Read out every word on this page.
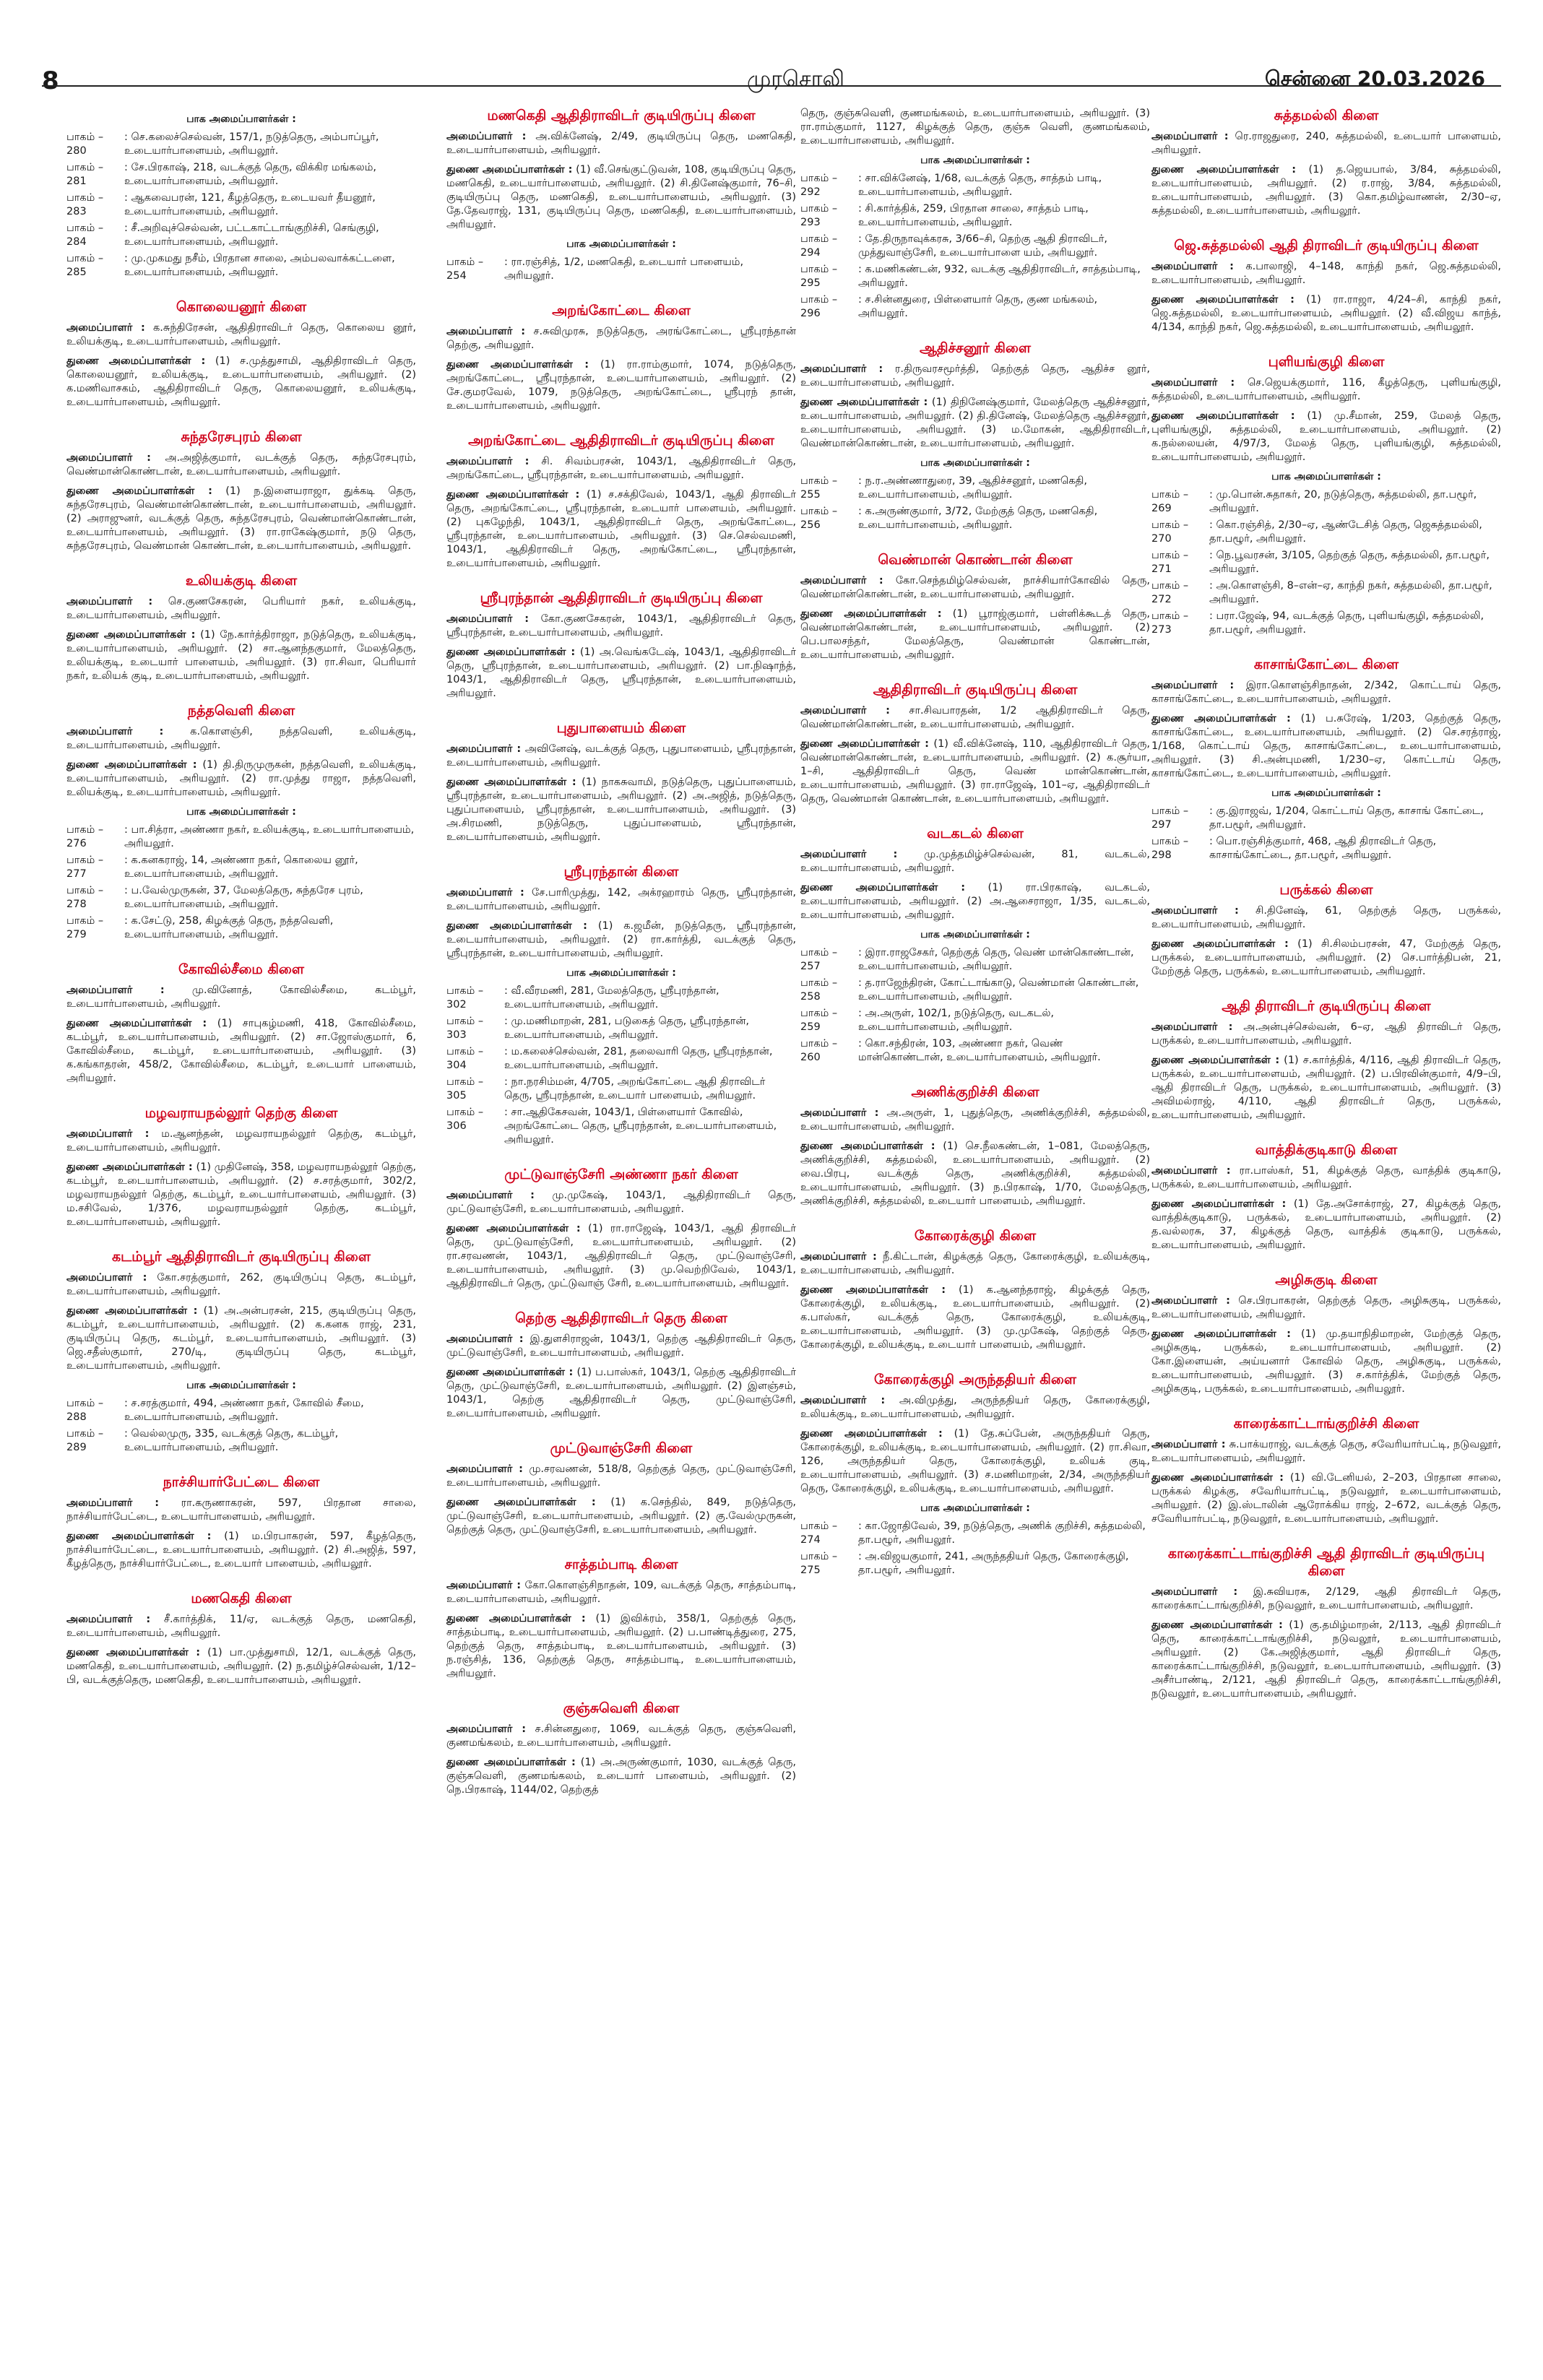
8	முரசொலி	சென்னை 20.03.2026
பாக அமைப்பாளர்கள் :
பாகம் – 280
: செ.கலைச்செல்வன், 157/1, நடுத்தெரு, அம்பாப்பூர், உடையார்பாளையம், அரியலூர்.
பாகம் – 281
: சே.பிரகாஷ், 218, வடக்குத் தெரு, விக்கிர மங்கலம், உடையார்பாளையம், அரியலூர்.
பாகம் – 283
: ஆகவைபரன், 121, கீழத்தெரு, உடையவர் தீயனூர், உடையார்பாளையம், அரியலூர்.
பாகம் – 284
: சீ.அறிவுச்செல்வன், பட்டகாட்டாங்குறிச்சி, செங்குழி, உடையார்பாளையம், அரியலூர்.
பாகம் – 285
: மு.முகமது நசீம், பிரதான சாலை, அம்பலவாக்கட்டளை, உடையார்பாளையம், அரியலூர்.
கொலையனூர் கிளை
அமைப்பாளர் : க.சுந்திரேசன், ஆதிதிராவிடர் தெரு, கொலைய னூர், உலியக்குடி, உடையார்பாளையம், அரியலூர்.
துணை அமைப்பாளர்கள் : (1) ச.முத்துசாமி, ஆதிதிராவிடர் தெரு, கொலையனூர், உலியக்குடி, உடையார்பாளையம், அரியலூர். (2) க.மணிவாசகம், ஆதிதிராவிடர் தெரு, கொலையனூர், உலியக்குடி, உடையார்பாளையம், அரியலூர்.
சுந்தரேசபுரம் கிளை
அமைப்பாளர் : அ.அஜித்குமார், வடக்குத் தெரு, சுந்தரேசபுரம், வெண்மான்கொண்டான், உடையார்பாளையம், அரியலூர்.
துணை அமைப்பாளர்கள் : (1) ந.இளையராஜா, துக்கடி தெரு, சுந்தரேசபுரம், வெண்மான்கொண்டான், உடையார்பாளையம், அரியலூர். (2) அராஜுனர், வடக்குத் தெரு, சுந்தரேசபுரம், வெண்மான்கொண்டான், உடையார்பாளையம், அரியலூர். (3) ரா.ராகேஷ்குமார், நடு தெரு, சுந்தரேசபுரம், வெண்மான் கொண்டான், உடையார்பாளையம், அரியலூர்.
உலியக்குடி கிளை
அமைப்பாளர் : செ.குணசேகரன், பெரியார் நகர், உலியக்குடி, உடையார்பாளையம், அரியலூர்.
துணை அமைப்பாளர்கள் : (1) நே.கார்த்திராஜா, நடுத்தெரு, உலியக்குடி, உடையார்பாளையம், அரியலூர். (2) சா.ஆனந்தகுமார், மேலத்தெரு, உலியக்குடி, உடையார் பாளையம், அரியலூர். (3) ரா.சிவா, பெரியார் நகர், உலியக் குடி, உடையார்பாளையம், அரியலூர்.
நத்தவெளி கிளை
அமைப்பாளர் :	க.கொளஞ்சி, நத்தவெளி, உலியக்குடி, உடையார்பாளையம், அரியலூர்.
துணை அமைப்பாளர்கள் : (1) தி.திருமுருகன், நத்தவெளி, உலியக்குடி, உடையார்பாளையம், அரியலூர். (2) ரா.முத்து ராஜா, நத்தவெளி, உலியக்குடி, உடையார்பாளையம், அரியலூர்.
பாக அமைப்பாளர்கள் :
பாகம் – 276
: பா.சித்ரா, அண்ணா நகர், உலியக்குடி, உடையார்பாளையம், அரியலூர்.
பாகம் – 277
: க.கனகராஜ், 14, அண்ணா நகர், கொலைய னூர், உடையார்பாளையம், அரியலூர்.
பாகம் – 278
: ப.வேல்முருகன், 37, மேலத்தெரு, சுந்தரேச புரம், உடையார்பாளையம், அரியலூர்.
பாகம் – 279
: க.சேட்டு, 258, கிழக்குத் தெரு, நத்தவெளி, உடையார்பாளையம், அரியலூர்.
கோவில்சீமை கிளை
அமைப்பாளர் :	மு.வினோத், கோவில்சீமை, கடம்பூர், உடையார்பாளையம், அரியலூர்.
துணை அமைப்பாளர்கள் : (1) சாபுகழ்மணி, 418, கோவில்சீமை, கடம்பூர், உடையார்பாளையம், அரியலூர். (2) சா.ஜோஸ்குமார், 6, கோவில்சீமை, கடம்பூர், உடையார்பாளையம், அரியலூர். (3) க.கங்காதரன், 458/2, கோவில்சீமை, கடம்பூர், உடையார் பாளையம், அரியலூர்.
மழவராயநல்லூர் தெற்கு கிளை
அமைப்பாளர் : ம.ஆனந்தன், மழவராயநல்லூர் தெற்கு, கடம்பூர், உடையார்பாளையம், அரியலூர்.
துணை அமைப்பாளர்கள் : (1) முதினேஷ், 358, மழவராயநல்லூர் தெற்கு, கடம்பூர், உடையார்பாளையம், அரியலூர். (2) ச.சரத்குமார், 302/2, மழவராயநல்லூர் தெற்கு, கடம்பூர், உடையார்பாளையம், அரியலூர். (3) ம.சசிவேல், 1/376, மழவராயநல்லூர் தெற்கு, கடம்பூர், உடையார்பாளையம், அரியலூர்.
கடம்பூர் ஆதிதிராவிடர் குடியிருப்பு கிளை
அமைப்பாளர் : கோ.சரத்குமார், 262, குடியிருப்பு தெரு, கடம்பூர், உடையார்பாளையம், அரியலூர்.
துணை அமைப்பாளர்கள் : (1) அ.அன்பரசன், 215, குடியிருப்பு தெரு, கடம்பூர், உடையார்பாளையம், அரியலூர். (2) க.கனக ராஜ், 231, குடியிருப்பு தெரு, கடம்பூர், உடையார்பாளையம், அரியலூர். (3) ஜெ.சதீஸ்குமார், 270/டி, குடியிருப்பு தெரு, கடம்பூர், உடையார்பாளையம், அரியலூர்.
பாக அமைப்பாளர்கள் :
பாகம் – 288
: ச.சரத்குமார், 494, அண்ணா நகர், கோவில் சீமை, உடையார்பாளையம், அரியலூர்.
பாகம் – 289
: வெல்லமுரு, 335, வடக்குத் தெரு, கடம்பூர், உடையார்பாளையம், அரியலூர்.
நாச்சியார்பேட்டை கிளை
அமைப்பாளர் : ரா.கருணாகரன், 597, பிரதான சாலை, நாச்சியார்பேட்டை, உடையார்பாளையம், அரியலூர்.
துணை அமைப்பாளர்கள் : (1) ம.பிரபாகரன், 597, கீழத்தெரு, நாச்சியார்பேட்டை, உடையார்பாளையம், அரியலூர். (2) சி.அஜித், 597, கீழத்தெரு, நாச்சியார்பேட்டை, உடையார் பாளையம், அரியலூர்.
மணகெதி கிளை
அமைப்பாளர் : சீ.கார்த்திக், 11/ஏ, வடக்குத் தெரு, மணகெதி, உடையார்பாளையம், அரியலூர்.
துணை அமைப்பாளர்கள் : (1) பா.முத்துசாமி, 12/1, வடக்குத் தெரு, மணகெதி, உடையார்பாளையம், அரியலூர். (2) ந.தமிழ்ச்செல்வன், 1/12–பி, வடக்குத்தெரு, மணகெதி, உடையார்பாளையம், அரியலூர்.
மணகெதி ஆதிதிராவிடர் குடியிருப்பு கிளை
அமைப்பாளர் : அ.விக்னேஷ், 2/49, குடியிருப்பு தெரு, மணகெதி, உடையார்பாளையம், அரியலூர்.
துணை அமைப்பாளர்கள் : (1) வீ.செங்குட்டுவன், 108, குடியிருப்பு தெரு, மணகெதி, உடையார்பாளையம், அரியலூர். (2) சி.தினேஷ்குமார், 76–சி, குடியிருப்பு தெரு, மணகெதி, உடையார்பாளையம், அரியலூர். (3) தே.தேவராஜ், 131, குடியிருப்பு தெரு, மணகெதி, உடையார்பாளையம், அரியலூர்.
பாக அமைப்பாளர்கள் :
பாகம் – 254
: ரா.ரஞ்சித், 1/2, மணகெதி, உடையார் பாளையம், அரியலூர்.
அறங்கோட்டை கிளை
அமைப்பாளர் : ச.சுவிமுரசு, நடுத்தெரு, அரங்கோட்டை, ஸ்ரீபுரந்தான் தெற்கு, அரியலூர்.
துணை அமைப்பாளர்கள் : (1) ரா.ராம்குமார், 1074, நடுத்தெரு, அறங்கோட்டை, ஸ்ரீபுரந்தான், உடையார்பாளையம், அரியலூர். (2) சே.குமரவேல், 1079, நடுத்தெரு, அறங்கோட்டை, ஸ்ரீபுரந் தான், உடையார்பாளையம், அரியலூர்.
அறங்கோட்டை ஆதிதிராவிடர் குடியிருப்பு கிளை
அமைப்பாளர் : சி. சிவம்பரசன், 1043/1, ஆதிதிராவிடர் தெரு, அறங்கோட்டை, ஸ்ரீபுரந்தான், உடையார்பாளையம், அரியலூர்.
துணை அமைப்பாளர்கள் : (1) ச.சக்திவேல், 1043/1, ஆதி திராவிடர் தெரு, அறங்கோட்டை, ஸ்ரீபுரந்தான், உடையார் பாளையம், அரியலூர். (2) புகழேந்தி, 1043/1, ஆதிதிராவிடர் தெரு, அறங்கோட்டை, ஸ்ரீபுரந்தான், உடையார்பாளையம், அரியலூர். (3) செ.செல்வமணி, 1043/1, ஆதிதிராவிடர் தெரு, அறங்கோட்டை, ஸ்ரீபுரந்தான், உடையார்பாளையம், அரியலூர்.
ஸ்ரீபுரந்தான் ஆதிதிராவிடர் குடியிருப்பு கிளை
அமைப்பாளர் : கோ.குணசேகரன், 1043/1, ஆதிதிராவிடர் தெரு, ஸ்ரீபுரந்தான், உடையார்பாளையம், அரியலூர்.
துணை அமைப்பாளர்கள் : (1) அ.வெங்கடேஷ், 1043/1, ஆதிதிராவிடர் தெரு, ஸ்ரீபுரந்தான், உடையார்பாளையம், அரியலூர். (2) பா.நிஷாந்த், 1043/1, ஆதிதிராவிடர் தெரு, ஸ்ரீபுரந்தான், உடையார்பாளையம், அரியலூர்.
புதுபாளையம் கிளை
அமைப்பாளர் : அவினேஷ், வடக்குத் தெரு, புதுபாளையம், ஸ்ரீபுரந்தான், உடையார்பாளையம், அரியலூர்.
துணை அமைப்பாளர்கள் : (1) நாகசுவாமி, நடுத்தெரு, புதுப்பாளையம், ஸ்ரீபுரந்தான், உடையார்பாளையம், அரியலூர். (2) அ.அஜித், நடுத்தெரு, புதுப்பாளையம், ஸ்ரீபுரந்தான், உடையார்பாளையம், அரியலூர். (3) அ.சிரமணி, நடுத்தெரு, புதுப்பாளையம், ஸ்ரீபுரந்தான், உடையார்பாளையம், அரியலூர்.
ஸ்ரீபுரந்தான் கிளை
அமைப்பாளர் : சே.பாரிமுத்து, 142, அக்ரஹாரம் தெரு, ஸ்ரீபுரந்தான், உடையார்பாளையம், அரியலூர்.
துணை அமைப்பாளர்கள் : (1) க.ஜமீன், நடுத்தெரு, ஸ்ரீபுரந்தான், உடையார்பாளையம், அரியலூர். (2) ரா.கார்த்தி, வடக்குத் தெரு, ஸ்ரீபுரந்தான், உடையார்பாளையம், அரியலூர்.
பாக அமைப்பாளர்கள் :
பாகம் – 302
: வீ.வீரமணி, 281, மேலத்தெரு, ஸ்ரீபுரந்தான், உடையார்பாளையம், அரியலூர்.
பாகம் – 303
: மு.மணிமாறன், 281, படுகைத் தெரு, ஸ்ரீபுரந்தான், உடையார்பாளையம், அரியலூர்.
பாகம் – 304
: ம.கலைச்செல்வன், 281, தலைவாரி தெரு, ஸ்ரீபுரந்தான், உடையார்பாளையம், அரியலூர்.
பாகம் – 305
: நா.நரசிம்மன், 4/705, அறங்கோட்டை ஆதி திராவிடர் தெரு, ஸ்ரீபுரந்தான், உடையார் பாளையம், அரியலூர்.
பாகம் – 306
: சா.ஆதிகேசவன், 1043/1, பிள்ளையார் கோவில், அறங்கோட்டை தெரு, ஸ்ரீபுரந்தான், உடையார்பாளையம், அரியலூர்.
முட்டுவாஞ்சேரி அண்ணா நகர் கிளை
அமைப்பாளர் : மு.முகேஷ், 1043/1, ஆதிதிராவிடர் தெரு, முட்டுவாஞ்சேரி, உடையார்பாளையம், அரியலூர்.
துணை அமைப்பாளர்கள் : (1) ரா.ராஜேஷ், 1043/1, ஆதி திராவிடர் தெரு, முட்டுவாஞ்சேரி, உடையார்பாளையம், அரியலூர். (2) ரா.சரவணன், 1043/1, ஆதிதிராவிடர் தெரு, முட்டுவாஞ்சேரி, உடையார்பாளையம், அரியலூர். (3) மு.வெற்றிவேல், 1043/1, ஆதிதிராவிடர் தெரு, முட்டுவாஞ் சேரி, உடையார்பாளையம், அரியலூர்.
தெற்கு ஆதிதிராவிடர் தெரு கிளை
அமைப்பாளர் : இ.துளசிராஜன், 1043/1, தெற்கு ஆதிதிராவிடர் தெரு, முட்டுவாஞ்சேரி, உடையார்பாளையம், அரியலூர்.
துணை அமைப்பாளர்கள் : (1) ப.பாஸ்கர், 1043/1, தெற்கு ஆதிதிராவிடர் தெரு, முட்டுவாஞ்சேரி, உடையார்பாளையம், அரியலூர். (2) இளஞ்சம், 1043/1, தெற்கு ஆதிதிராவிடர் தெரு, முட்டுவாஞ்சேரி, உடையார்பாளையம், அரியலூர்.
முட்டுவாஞ்சேரி கிளை
அமைப்பாளர் : மு.சரவணன், 518/8, தெற்குத் தெரு, முட்டுவாஞ்சேரி, உடையார்பாளையம், அரியலூர்.
துணை அமைப்பாளர்கள் : (1) க.செந்தில், 849, நடுத்தெரு, முட்டுவாஞ்சேரி, உடையார்பாளையம், அரியலூர். (2) கு.வேல்முருகன், தெற்குத் தெரு, முட்டுவாஞ்சேரி, உடையார்பாளையம், அரியலூர்.
சாத்தம்பாடி கிளை
அமைப்பாளர் : கோ.கொளஞ்சிநாதன், 109, வடக்குத் தெரு, சாத்தம்பாடி, உடையார்பாளையம், அரியலூர்.
துணை அமைப்பாளர்கள் : (1) இவிக்ரம், 358/1, தெற்குத் தெரு, சாத்தம்பாடி, உடையார்பாளையம், அரியலூர். (2) ப.பாண்டித்துரை, 275, தெற்குத் தெரு, சாத்தம்பாடி, உடையார்பாளையம், அரியலூர். (3) ந.ரஞ்சித், 136, தெற்குத் தெரு, சாத்தம்பாடி, உடையார்பாளையம், அரியலூர்.
குஞ்சுவெளி கிளை
அமைப்பாளர் : ச.சின்னதுரை, 1069, வடக்குத் தெரு, குஞ்சுவெளி, குணமங்கலம், உடையார்பாளையம், அரியலூர்.
துணை அமைப்பாளர்கள் : (1) அ.அருண்குமார், 1030, வடக்குத் தெரு, குஞ்சுவெளி, குணமங்கலம், உடையார் பாளையம், அரியலூர். (2) நெ.பிரகாஷ், 1144/02, தெற்குத்
தெரு, குஞ்சுவெளி, குணமங்கலம், உடையார்பாளையம், அரியலூர். (3) ரா.ராம்குமார், 1127, கிழக்குத் தெரு, குஞ்சு வெளி, குணமங்கலம், உடையார்பாளையம், அரியலூர்.
பாக அமைப்பாளர்கள் :
பாகம் – 292
: சா.விக்னேஷ், 1/68, வடக்குத் தெரு, சாத்தம் பாடி, உடையார்பாளையம், அரியலூர்.
பாகம் – 293
: சி.கார்த்திக், 259, பிரதான சாலை, சாத்தம் பாடி, உடையார்பாளையம், அரியலூர்.
பாகம் – 294
: தே.திருநாவுக்கரசு, 3/66–சி, தெற்கு ஆதி திராவிடர், முத்துவாஞ்சேரி, உடையார்பாளை யம், அரியலூர்.
பாகம் – 295
: க.மணிகண்டன், 932, வடக்கு ஆதிதிராவிடர், சாத்தம்பாடி, அரியலூர்.
பாகம் – 296
: ச.சின்னதுரை, பிள்ளையார் தெரு, குண மங்கலம், அரியலூர்.
ஆதிச்சனூர் கிளை
அமைப்பாளர் : ர.திருவரசமூர்த்தி, தெற்குத் தெரு, ஆதிச்ச னூர், உடையார்பாளையம், அரியலூர்.
துணை அமைப்பாளர்கள் : (1) திநினேஷ்குமார், மேலத்தெரு ஆதிச்சனூர், உடையார்பாளையம், அரியலூர். (2) தி.தினேஷ், மேலத்தெரு ஆதிச்சனூர், உடையார்பாளையம், அரியலூர். (3) ம.மோகன், ஆதிதிராவிடர், வெண்மான்கொண்டான், உடையார்பாளையம், அரியலூர்.
பாக அமைப்பாளர்கள் :
பாகம் – 255
: ந.ர.அண்ணாதுரை, 39, ஆதிச்சனூர், மணகெதி, உடையார்பாளையம், அரியலூர்.
பாகம் – 256
: க.அருண்குமார், 3/72, மேற்குத் தெரு, மணகெதி, உடையார்பாளையம், அரியலூர்.
வெண்மான் கொண்டான் கிளை
அமைப்பாளர் : கோ.செந்தமிழ்செல்வன், நாச்சியார்கோவில் தெரு, வெண்மான்கொண்டான், உடையார்பாளையம், அரியலூர்.
துணை அமைப்பாளர்கள் : (1) பூராஜ்குமார், பள்ளிக்கூடத் தெரு, வெண்மான்கொண்டான், உடையார்பாளையம், அரியலூர். (2) பெ.பாலசந்தர், மேலத்தெரு, வெண்மான் கொண்டான், உடையார்பாளையம், அரியலூர்.
ஆதிதிராவிடர் குடியிருப்பு கிளை
அமைப்பாளர் : சா.சிவபாரதன், 1/2 ஆதிதிராவிடர் தெரு, வெண்மான்கொண்டான், உடையார்பாளையம், அரியலூர்.
துணை அமைப்பாளர்கள் : (1) வீ.விக்னேஷ், 110, ஆதிதிராவிடர் தெரு, வெண்மான்கொண்டான், உடையார்பாளையம், அரியலூர். (2) க.சூர்யா, 1–சி, ஆதிதிராவிடர் தெரு, வெண் மான்கொண்டான், உடையார்பாளையம், அரியலூர். (3) ரா.ராஜேஷ், 101–ஏ, ஆதிதிராவிடர் தெரு, வெண்மான் கொண்டான், உடையார்பாளையம், அரியலூர்.
வடகடல் கிளை
அமைப்பாளர் :	மு.முத்தமிழ்ச்செல்வன், 81, வடகடல், உடையார்பாளையம், அரியலூர்.
துணை அமைப்பாளர்கள் : (1) ரா.பிரகாஷ், வடகடல், உடையார்பாளையம், அரியலூர். (2) அ.ஆசைராஜா, 1/35, வடகடல், உடையார்பாளையம், அரியலூர்.
பாக அமைப்பாளர்கள் :
பாகம் – 257
: இரா.ராஜசேகர், தெற்குத் தெரு, வெண் மான்கொண்டான், உடையார்பாளையம், அரியலூர்.
பாகம் – 258
: த.ராஜேந்திரன், கோட்டாங்காடு, வெண்மான் கொண்டான், உடையார்பாளையம், அரியலூர்.
பாகம் – 259
: அ.அருள், 102/1, நடுத்தெரு, வடகடல், உடையார்பாளையம், அரியலூர்.
பாகம் – 260
: கொ.சந்திரன், 103, அண்ணா நகர், வெண் மான்கொண்டான், உடையார்பாளையம், அரியலூர்.
அணிக்குறிச்சி கிளை
அமைப்பாளர் : அ.அருள், 1, புதுத்தெரு, அணிக்குறிச்சி, சுத்தமல்லி, உடையார்பாளையம், அரியலூர்.
துணை அமைப்பாளர்கள் : (1) செ.நீலகண்டன், 1–081, மேலத்தெரு, அணிக்குறிச்சி, சுத்தமல்லி, உடையார்பாளையம், அரியலூர். (2) வை.பிரபு, வடக்குத் தெரு, அணிக்குறிச்சி, சுத்தமல்லி, உடையார்பாளையம், அரியலூர். (3) ந.பிரகாஷ், 1/70, மேலத்தெரு, அணிக்குறிச்சி, சுத்தமல்லி, உடையார் பாளையம், அரியலூர்.
கோரைக்குழி கிளை
அமைப்பாளர் : நீ.கிட்டான், கிழக்குத் தெரு, கோரைக்குழி, உலியக்குடி, உடையார்பாளையம், அரியலூர்.
துணை அமைப்பாளர்கள் : (1) க.ஆனந்தராஜ், கிழக்குத் தெரு, கோரைக்குழி, உலியக்குடி, உடையார்பாளையம், அரியலூர். (2) க.பாஸ்கர், வடக்குத் தெரு, கோரைக்குழி, உலியக்குடி, உடையார்பாளையம், அரியலூர். (3) மு.முகேஷ், தெற்குத் தெரு, கோரைக்குழி, உலியக்குடி, உடையார் பாளையம், அரியலூர்.
கோரைக்குழி அருந்ததியர் கிளை
அமைப்பாளர் : அ.விமுத்து, அருந்ததியர் தெரு, கோரைக்குழி, உலியக்குடி, உடையார்பாளையம், அரியலூர்.
துணை அமைப்பாளர்கள் : (1) தே.சுப்பேன், அருந்ததியர் தெரு, கோரைக்குழி, உலியக்குடி, உடையார்பாளையம், அரியலூர். (2) ரா.சிவா, 126, அருந்ததியர் தெரு, கோரைக்குழி, உலியக் குடி, உடையார்பாளையம், அரியலூர். (3) ச.மணிமாறன், 2/34, அருந்ததியர் தெரு, கோரைக்குழி, உலியக்குடி, உடையார்பாளையம், அரியலூர்.
பாக அமைப்பாளர்கள் :
பாகம் – 274
: கா.ஜோதிவேல், 39, நடுத்தெரு, அணிக் குறிச்சி, சுத்தமல்லி, தா.பழூர், அரியலூர்.
பாகம் – 275
: அ.விஜயகுமார், 241, அருந்ததியர் தெரு, கோரைக்குழி, தா.பழூர், அரியலூர்.
சுத்தமல்லி கிளை
அமைப்பாளர் : ரெ.ராஜதுரை, 240, சுத்தமல்லி, உடையார் பாளையம், அரியலூர்.
துணை அமைப்பாளர்கள் : (1) த.ஜெயபால், 3/84, சுத்தமல்லி, உடையார்பாளையம், அரியலூர். (2) ர.ராஜ், 3/84, சுத்தமல்லி, உடையார்பாளையம், அரியலூர். (3) கொ.தமிழ்வாணன், 2/30–ஏ, சுத்தமல்லி, உடையார்பாளையம், அரியலூர்.
ஜெ.சுத்தமல்லி ஆதி திராவிடர் குடியிருப்பு கிளை
அமைப்பாளர் : க.பாலாஜி, 4–148, காந்தி நகர், ஜெ.சுத்தமல்லி, உடையார்பாளையம், அரியலூர்.
துணை அமைப்பாளர்கள் : (1) ரா.ராஜா, 4/24–சி, காந்தி நகர், ஜெ.சுத்தமல்லி, உடையார்பாளையம், அரியலூர். (2) வீ.விஜய காந்த், 4/134, காந்தி நகர், ஜெ.சுத்தமல்லி, உடையார்பாளையம், அரியலூர்.
புளியங்குழி கிளை
அமைப்பாளர் : செ.ஜெயக்குமார், 116, கீழத்தெரு, புளியங்குழி, சுத்தமல்லி, உடையார்பாளையம், அரியலூர்.
துணை அமைப்பாளர்கள் : (1) மு.சீமான், 259, மேலத் தெரு, புளியங்குழி, சுத்தமல்லி, உடையார்பாளையம், அரியலூர். (2) க.நல்லையன், 4/97/3, மேலத் தெரு, புளியங்குழி, சுத்தமல்லி, உடையார்பாளையம், அரியலூர்.
பாக அமைப்பாளர்கள் :
பாகம் – 269
: மு.பொன்.சுதாகர், 20, நடுத்தெரு, சுத்தமல்லி, தா.பழூர், அரியலூர்.
பாகம் – 270
: கொ.ரஞ்சித், 2/30–ஏ, ஆண்டேசித் தெரு, ஜெசுத்தமல்லி, தா.பழூர், அரியலூர்.
பாகம் – 271
: நெ.பூவரசன், 3/105, தெற்குத் தெரு, சுத்தமல்லி, தா.பழூர், அரியலூர்.
பாகம் – 272
: அ.கொளஞ்சி, 8–என்–ஏ, காந்தி நகர், சுத்தமல்லி, தா.பழூர், அரியலூர்.
பாகம் – 273
: பரா.ஜேஷ், 94, வடக்குத் தெரு, புளியங்குழி, சுத்தமல்லி, தா.பழூர், அரியலூர்.
காசாங்கோட்டை கிளை
அமைப்பாளர் : இரா.கொளஞ்சிநாதன், 2/342, கொட்டாய் தெரு, காசாங்கோட்டை, உடையார்பாளையம், அரியலூர்.
துணை அமைப்பாளர்கள் : (1) ப.சுரேஷ், 1/203, தெற்குத் தெரு, காசாங்கோட்டை, உடையார்பாளையம், அரியலூர். (2) செ.சரத்ராஜ், 1/168, கொட்டாய் தெரு, காசாங்கோட்டை, உடையார்பாளையம், அரியலூர். (3) சி.அன்புமணி, 1/230–ஏ, கொட்டாய் தெரு, காசாங்கோட்டை, உடையார்பாளையம், அரியலூர்.
பாக அமைப்பாளர்கள் :
பாகம் – 297
: கு.இராஜவ், 1/204, கொட்டாய் தெரு, காசாங் கோட்டை, தா.பழூர், அரியலூர்.
பாகம் – 298
: பொ.ரஞ்சித்குமார், 468, ஆதி திராவிடர் தெரு, காசாங்கோட்டை, தா.பழூர், அரியலூர்.
பருக்கல் கிளை
அமைப்பாளர் : சி.தினேஷ், 61, தெற்குத் தெரு, பருக்கல், உடையார்பாளையம், அரியலூர்.
துணை அமைப்பாளர்கள் : (1) சி.சிலம்பரசன், 47, மேற்குத் தெரு, பருக்கல், உடையார்பாளையம், அரியலூர். (2) செ.பார்த்திபன், 21, மேற்குத் தெரு, பருக்கல், உடையார்பாளையம், அரியலூர்.
ஆதி திராவிடர் குடியிருப்பு கிளை
அமைப்பாளர் : அ.அன்புச்செல்வன், 6–ஏ, ஆதி திராவிடர் தெரு, பருக்கல், உடையார்பாளையம், அரியலூர்.
துணை அமைப்பாளர்கள் : (1) ச.கார்த்திக், 4/116, ஆதி திராவிடர் தெரு, பருக்கல், உடையார்பாளையம், அரியலூர். (2) ப.பிரவின்குமார், 4/9–பி, ஆதி திராவிடர் தெரு, பருக்கல், உடையார்பாளையம், அரியலூர். (3) அவிமல்ராஜ், 4/110, ஆதி திராவிடர் தெரு, பருக்கல், உடையார்பாளையம், அரியலூர்.
வாத்திக்குடிகாடு கிளை
அமைப்பாளர் : ரா.பாஸ்கர், 51, கிழக்குத் தெரு, வாத்திக் குடிகாடு, பருக்கல், உடையார்பாளையம், அரியலூர்.
துணை அமைப்பாளர்கள் : (1) தே.அசோக்ராஜ், 27, கிழக்குத் தெரு, வாத்திக்குடிகாடு, பருக்கல், உடையார்பாளையம், அரியலூர். (2) த.வல்லரசு, 37, கிழக்குத் தெரு, வாத்திக் குடிகாடு, பருக்கல், உடையார்பாளையம், அரியலூர்.
அழிசுகுடி கிளை
அமைப்பாளர் : செ.பிரபாகரன், தெற்குத் தெரு, அழிசுகுடி, பருக்கல், உடையார்பாளையம், அரியலூர்.
துணை அமைப்பாளர்கள் : (1) மு.தயாநிதிமாறன், மேற்குத் தெரு, அழிசுகுடி, பருக்கல், உடையார்பாளையம், அரியலூர். (2) கோ.இளையன், அய்யனார் கோவில் தெரு, அழிசுகுடி, பருக்கல், உடையார்பாளையம், அரியலூர். (3) ச.கார்த்திக், மேற்குத் தெரு, அழிசுகுடி, பருக்கல், உடையார்பாளையம், அரியலூர்.
காரைக்காட்டாங்குறிச்சி கிளை
அமைப்பாளர் : சு.பாக்யராஜ், வடக்குத் தெரு, சவேரியார்பட்டி, நடுவலூர், உடையார்பாளையம், அரியலூர்.
துணை அமைப்பாளர்கள் : (1) வி.டேனியல், 2–203, பிரதான சாலை, பருக்கல் கிழக்கு, சவேரியார்பட்டி, நடுவலூர், உடையார்பாளையம், அரியலூர். (2) இ.ஸ்டாலின் ஆரோக்கிய ராஜ், 2–672, வடக்குத் தெரு, சவேரியார்பட்டி, நடுவலூர், உடையார்பாளையம், அரியலூர்.
காரைக்காட்டாங்குறிச்சி ஆதி திராவிடர் குடியிருப்பு கிளை
அமைப்பாளர் : இ.சுவியரசு, 2/129, ஆதி திராவிடர் தெரு, காரைக்காட்டாங்குறிச்சி, நடுவலூர், உடையார்பாளையம், அரியலூர்.
துணை அமைப்பாளர்கள் : (1) கு.தமிழ்மாறன், 2/113, ஆதி திராவிடர் தெரு, காரைக்காட்டாங்குறிச்சி, நடுவலூர், உடையார்பாளையம், அரியலூர். (2) கே.அஜித்குமார், ஆதி திராவிடர் தெரு, காரைக்காட்டாங்குறிச்சி, நடுவலூர், உடையார்பாளையம், அரியலூர். (3) அசீர்பாண்டி, 2/121, ஆதி திராவிடர் தெரு, காரைக்காட்டாங்குறிச்சி, நடுவலூர், உடையார்பாளையம், அரியலூர்.
